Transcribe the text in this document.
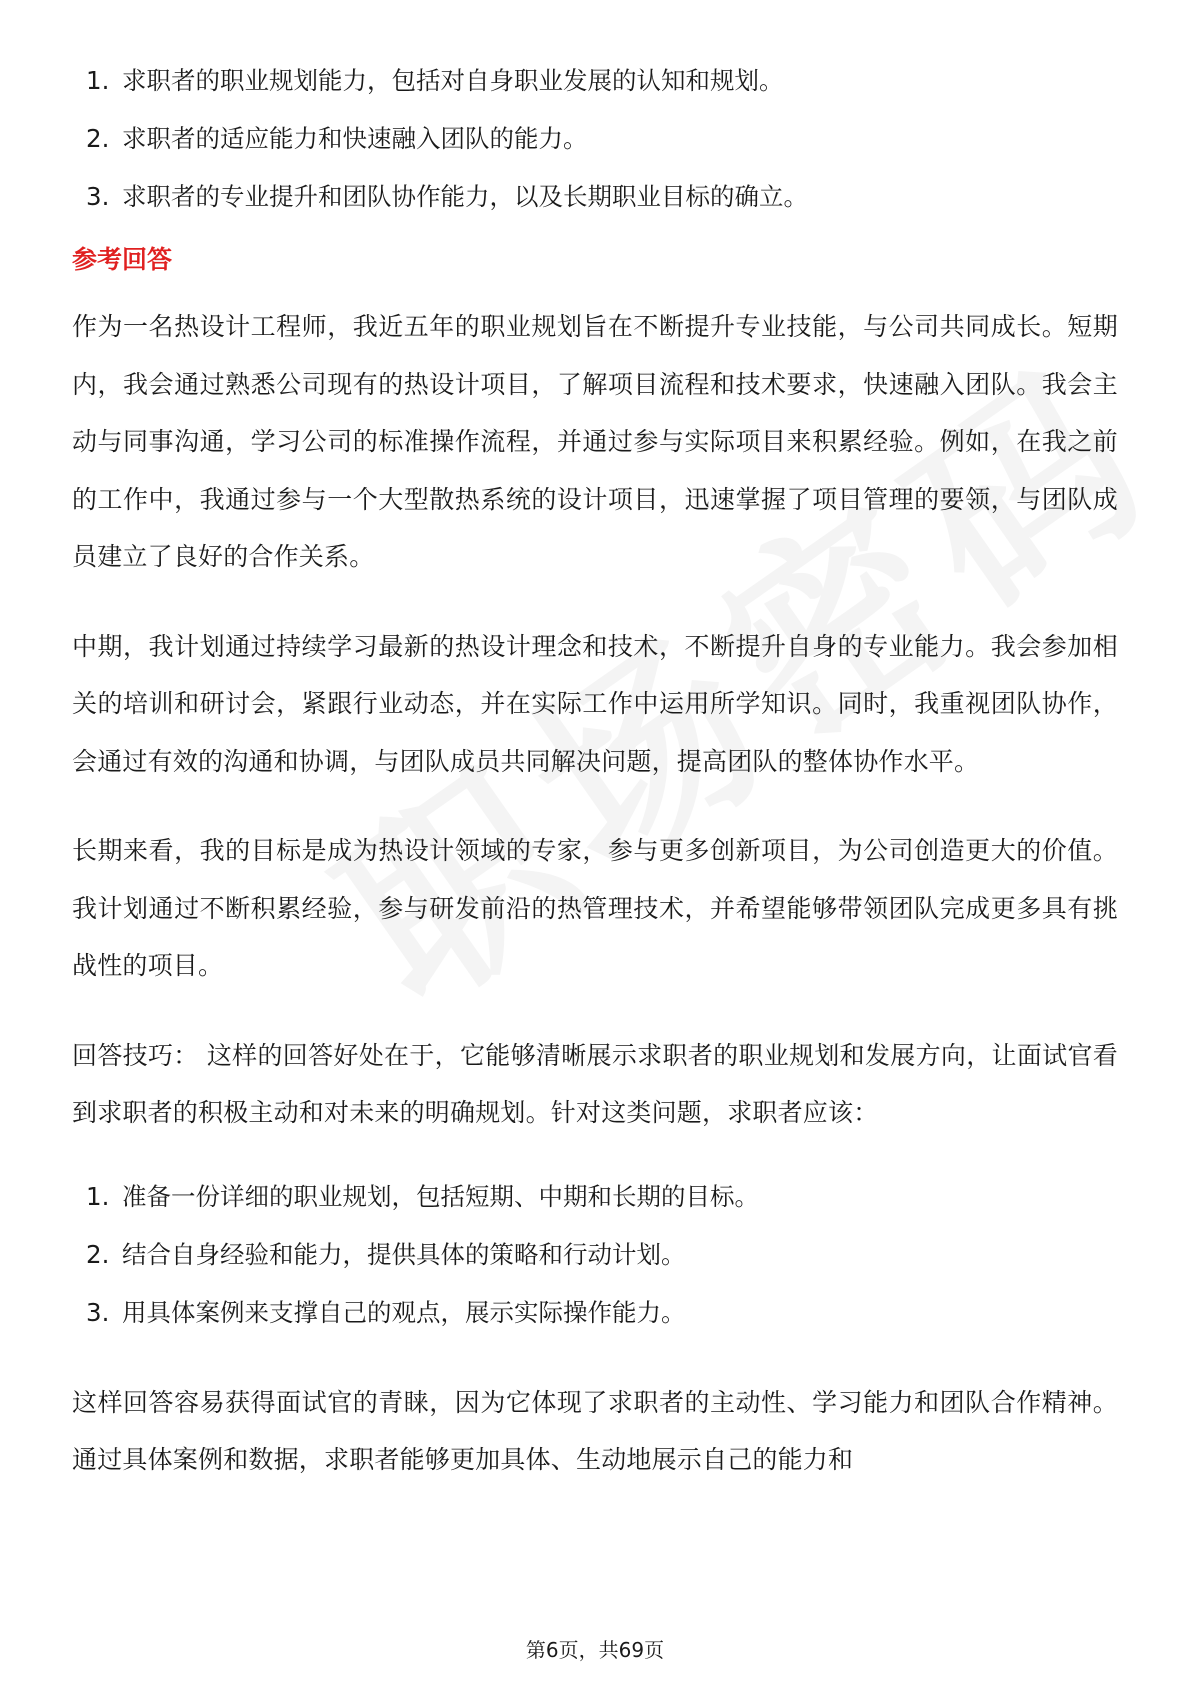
1. 求职者的职业规划能力，包括对自身职业发展的认知和规划。
2. 求职者的适应能力和快速融入团队的能力。
3. 求职者的专业提升和团队协作能力，以及长期职业目标的确立。
参考回答

作为一名热设计工程师，我近五年的职业规划旨在不断提升专业技能，与公司共同成长。短期内，我会通过熟悉公司现有的热设计项目，了解项目流程和技术要求，快速融入团队。我会主动与同事沟通，学习公司的标准操作流程，并通过参与实际项目来积累经验。例如，在我之前的工作中，我通过参与一个大型散热系统的设计项目，迅速掌握了项目管理的要领，与团队成员建立了良好的合作关系。

中期，我计划通过持续学习最新的热设计理念和技术，不断提升自身的专业能力。我会参加相关的培训和研讨会，紧跟行业动态，并在实际工作中运用所学知识。同时，我重视团队协作，会通过有效的沟通和协调，与团队成员共同解决问题，提高团队的整体协作水平。

长期来看，我的目标是成为热设计领域的专家，参与更多创新项目，为公司创造更大的价值。我计划通过不断积累经验，参与研发前沿的热管理技术，并希望能够带领团队完成更多具有挑战性的项目。

回答技巧： 这样的回答好处在于，它能够清晰展示求职者的职业规划和发展方向，让面试官看到求职者的积极主动和对未来的明确规划。针对这类问题，求职者应该：

1. 准备一份详细的职业规划，包括短期、中期和长期的目标。
2. 结合自身经验和能力，提供具体的策略和行动计划。
3. 用具体案例来支撑自己的观点，展示实际操作能力。

这样回答容易获得面试官的青睐，因为它体现了求职者的主动性、学习能力和团队合作精神。通过具体案例和数据，求职者能够更加具体、生动地展示自己的能力和

第6页，共69页
